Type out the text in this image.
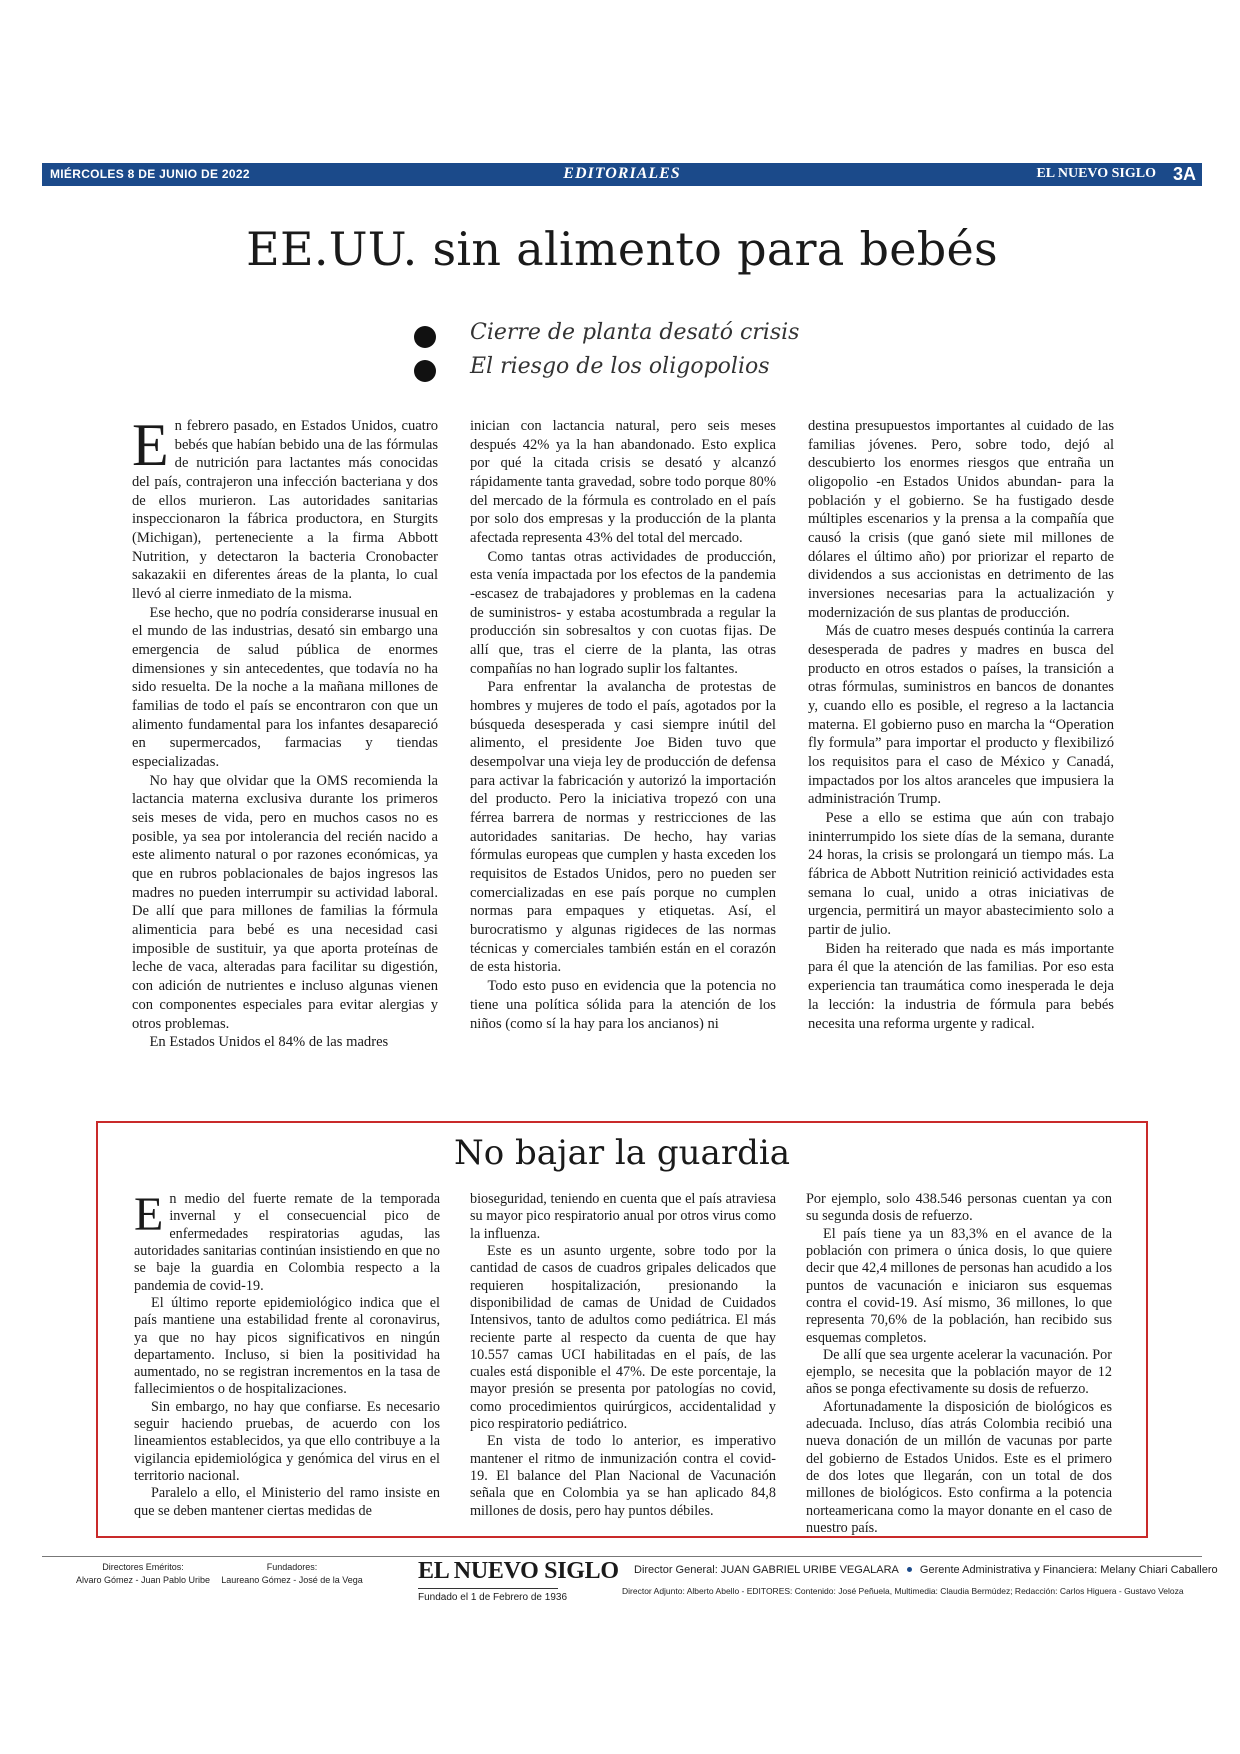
MIÉRCOLES 8 DE JUNIO DE 2022	EDITORIALES	EL NUEVO SIGLO 3A
EE.UU. sin alimento para bebés
Cierre de planta desató crisis
El riesgo de los oligopolios

En febrero pasado, en Estados Unidos, cuatro bebés que habían bebido una de las fórmulas de nutrición para lactantes más conocidas del país, contrajeron una infección bacteriana y dos de ellos murieron. Las autoridades sanitarias inspeccionaron la fábrica productora, en Sturgits (Michigan), perteneciente a la firma Abbott Nutrition, y detectaron la bacteria Cronobacter sakazakii en diferentes áreas de la planta, lo cual llevó al cierre inmediato de la misma.

Ese hecho, que no podría considerarse inusual en el mundo de las industrias, desató sin embargo una emergencia de salud pública de enormes dimensiones y sin antecedentes, que todavía no ha sido resuelta. De la noche a la mañana millones de familias de todo el país se encontraron con que un alimento fundamental para los infantes desapareció en supermercados, farmacias y tiendas especializadas.

No hay que olvidar que la OMS recomienda la lactancia materna exclusiva durante los primeros seis meses de vida, pero en muchos casos no es posible, ya sea por intolerancia del recién nacido a este alimento natural o por razones económicas, ya que en rubros poblacionales de bajos ingresos las madres no pueden interrumpir su actividad laboral. De allí que para millones de familias la fórmula alimenticia para bebé es una necesidad casi imposible de sustituir, ya que aporta proteínas de leche de vaca, alteradas para facilitar su digestión, con adición de nutrientes e incluso algunas vienen con componentes especiales para evitar alergias y otros problemas.

En Estados Unidos el 84% de las madres

inician con lactancia natural, pero seis meses después 42% ya la han abandonado. Esto explica por qué la citada crisis se desató y alcanzó rápidamente tanta gravedad, sobre todo porque 80% del mercado de la fórmula es controlado en el país por solo dos empresas y la producción de la planta afectada representa 43% del total del mercado.

Como tantas otras actividades de producción, esta venía impactada por los efectos de la pandemia -escasez de trabajadores y problemas en la cadena de suministros- y estaba acostumbrada a regular la producción sin sobresaltos y con cuotas fijas. De allí que, tras el cierre de la planta, las otras compañías no han logrado suplir los faltantes.

Para enfrentar la avalancha de protestas de hombres y mujeres de todo el país, agotados por la búsqueda desesperada y casi siempre inútil del alimento, el presidente Joe Biden tuvo que desempolvar una vieja ley de producción de defensa para activar la fabricación y autorizó la importación del producto. Pero la iniciativa tropezó con una férrea barrera de normas y restricciones de las autoridades sanitarias. De hecho, hay varias fórmulas europeas que cumplen y hasta exceden los requisitos de Estados Unidos, pero no pueden ser comercializadas en ese país porque no cumplen normas para empaques y etiquetas. Así, el burocratismo y algunas rigideces de las normas técnicas y comerciales también están en el corazón de esta historia.

Todo esto puso en evidencia que la potencia no tiene una política sólida para la atención de los niños (como sí la hay para los ancianos) ni

destina presupuestos importantes al cuidado de las familias jóvenes. Pero, sobre todo, dejó al descubierto los enormes riesgos que entraña un oligopolio -en Estados Unidos abundan- para la población y el gobierno. Se ha fustigado desde múltiples escenarios y la prensa a la compañía que causó la crisis (que ganó siete mil millones de dólares el último año) por priorizar el reparto de dividendos a sus accionistas en detrimento de las inversiones necesarias para la actualización y modernización de sus plantas de producción.

Más de cuatro meses después continúa la carrera desesperada de padres y madres en busca del producto en otros estados o países, la transición a otras fórmulas, suministros en bancos de donantes y, cuando ello es posible, el regreso a la lactancia materna. El gobierno puso en marcha la “Operation fly formula” para importar el producto y flexibilizó los requisitos para el caso de México y Canadá, impactados por los altos aranceles que impusiera la administración Trump.

Pese a ello se estima que aún con trabajo ininterrumpido los siete días de la semana, durante 24 horas, la crisis se prolongará un tiempo más. La fábrica de Abbott Nutrition reinició actividades esta semana lo cual, unido a otras iniciativas de urgencia, permitirá un mayor abastecimiento solo a partir de julio.

Biden ha reiterado que nada es más importante para él que la atención de las familias. Por eso esta experiencia tan traumática como inesperada le deja la lección: la industria de fórmula para bebés necesita una reforma urgente y radical.

No bajar la guardia

En medio del fuerte remate de la temporada invernal y el consecuencial pico de enfermedades respiratorias agudas, las autoridades sanitarias continúan insistiendo en que no se baje la guardia en Colombia respecto a la pandemia de covid-19.

El último reporte epidemiológico indica que el país mantiene una estabilidad frente al coronavirus, ya que no hay picos significativos en ningún departamento. Incluso, si bien la positividad ha aumentado, no se registran incrementos en la tasa de fallecimientos o de hospitalizaciones.

Sin embargo, no hay que confiarse. Es necesario seguir haciendo pruebas, de acuerdo con los lineamientos establecidos, ya que ello contribuye a la vigilancia epidemiológica y genómica del virus en el territorio nacional.

Paralelo a ello, el Ministerio del ramo insiste en que se deben mantener ciertas medidas de

bioseguridad, teniendo en cuenta que el país atraviesa su mayor pico respiratorio anual por otros virus como la influenza.

Este es un asunto urgente, sobre todo por la cantidad de casos de cuadros gripales delicados que requieren hospitalización, presionando la disponibilidad de camas de Unidad de Cuidados Intensivos, tanto de adultos como pediátrica. El más reciente parte al respecto da cuenta de que hay 10.557 camas UCI habilitadas en el país, de las cuales está disponible el 47%. De este porcentaje, la mayor presión se presenta por patologías no covid, como procedimientos quirúrgicos, accidentalidad y pico respiratorio pediátrico.

En vista de todo lo anterior, es imperativo mantener el ritmo de inmunización contra el covid-19. El balance del Plan Nacional de Vacunación señala que en Colombia ya se han aplicado 84,8 millones de dosis, pero hay puntos débiles.

Por ejemplo, solo 438.546 personas cuentan ya con su segunda dosis de refuerzo.

El país tiene ya un 83,3% en el avance de la población con primera o única dosis, lo que quiere decir que 42,4 millones de personas han acudido a los puntos de vacunación e iniciaron sus esquemas contra el covid-19. Así mismo, 36 millones, lo que representa 70,6% de la población, han recibido sus esquemas completos.

De allí que sea urgente acelerar la vacunación. Por ejemplo, se necesita que la población mayor de 12 años se ponga efectivamente su dosis de refuerzo.

Afortunadamente la disposición de biológicos es adecuada. Incluso, días atrás Colombia recibió una nueva donación de un millón de vacunas por parte del gobierno de Estados Unidos. Este es el primero de dos lotes que llegarán, con un total de dos millones de biológicos. Esto confirma a la potencia norteamericana como la mayor donante en el caso de nuestro país.

Directores Eméritos:
Alvaro Gómez - Juan Pablo Uribe
Fundadores:
Laureano Gómez - José de la Vega	EL NUEVO SIGLO
Fundado el 1 de Febrero de 1936
Director General: JUAN GABRIEL URIBE VEGALARA Gerente Administrativa y Financiera: Melany Chiari Caballero
Director Adjunto: Alberto Abello - EDITORES: Contenido: José Peñuela, Multimedia: Claudia Bermúdez; Redacción: Carlos Higuera - Gustavo Veloza
